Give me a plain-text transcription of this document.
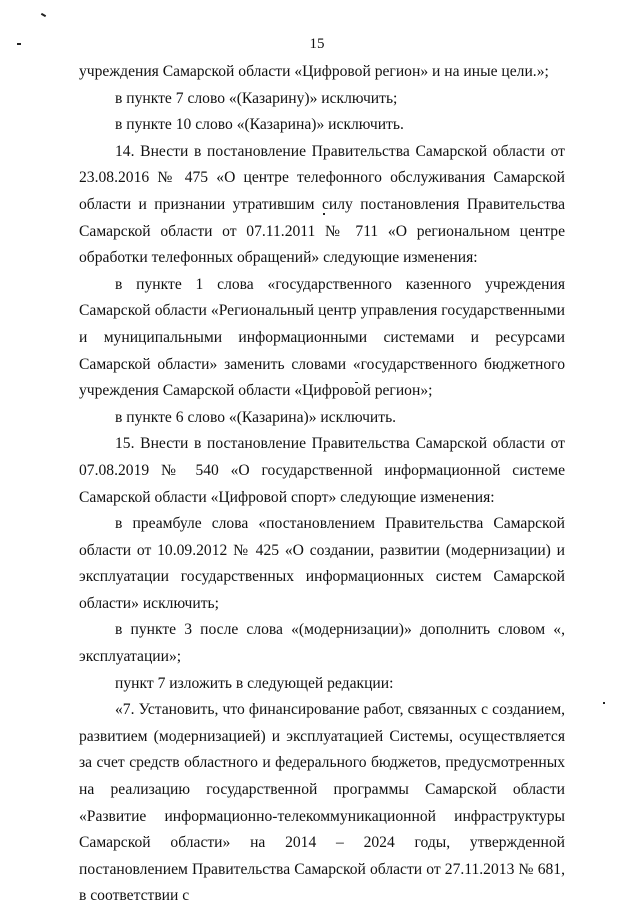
15

учреждения Самарской области «Цифровой регион» и на иные цели.»;

в пункте 7 слово «(Казарину)» исключить;

в пункте 10 слово «(Казарина)» исключить.

14. Внести в постановление Правительства Самарской области от 23.08.2016 № 475 «О центре телефонного обслуживания Самарской области и признании утратившим силу постановления Правительства Самарской области от 07.11.2011 № 711 «О региональном центре обработки телефонных обращений» следующие изменения:

в пункте 1 слова «государственного казенного учреждения Самарской области «Региональный центр управления государственными и муниципальными информационными системами и ресурсами Самарской области» заменить словами «государственного бюджетного учреждения Самарской области «Цифровой регион»;

в пункте 6 слово «(Казарина)» исключить.

15. Внести в постановление Правительства Самарской области от 07.08.2019 № 540 «О государственной информационной системе Самарской области «Цифровой спорт» следующие изменения:

в преамбуле слова «постановлением Правительства Самарской области от 10.09.2012 № 425 «О создании, развитии (модернизации) и эксплуатации государственных информационных систем Самарской области» исключить;

в пункте 3 после слова «(модернизации)» дополнить словом «, эксплуатации»;

пункт 7 изложить в следующей редакции:

«7. Установить, что финансирование работ, связанных с созданием, развитием (модернизацией) и эксплуатацией Системы, осуществляется за счет средств областного и федерального бюджетов, предусмотренных на реализацию государственной программы Самарской области «Развитие информационно-телекоммуникационной инфраструктуры Самарской области» на 2014 – 2024 годы, утвержденной постановлением Правительства Самарской области от 27.11.2013 № 681, в соответствии с
